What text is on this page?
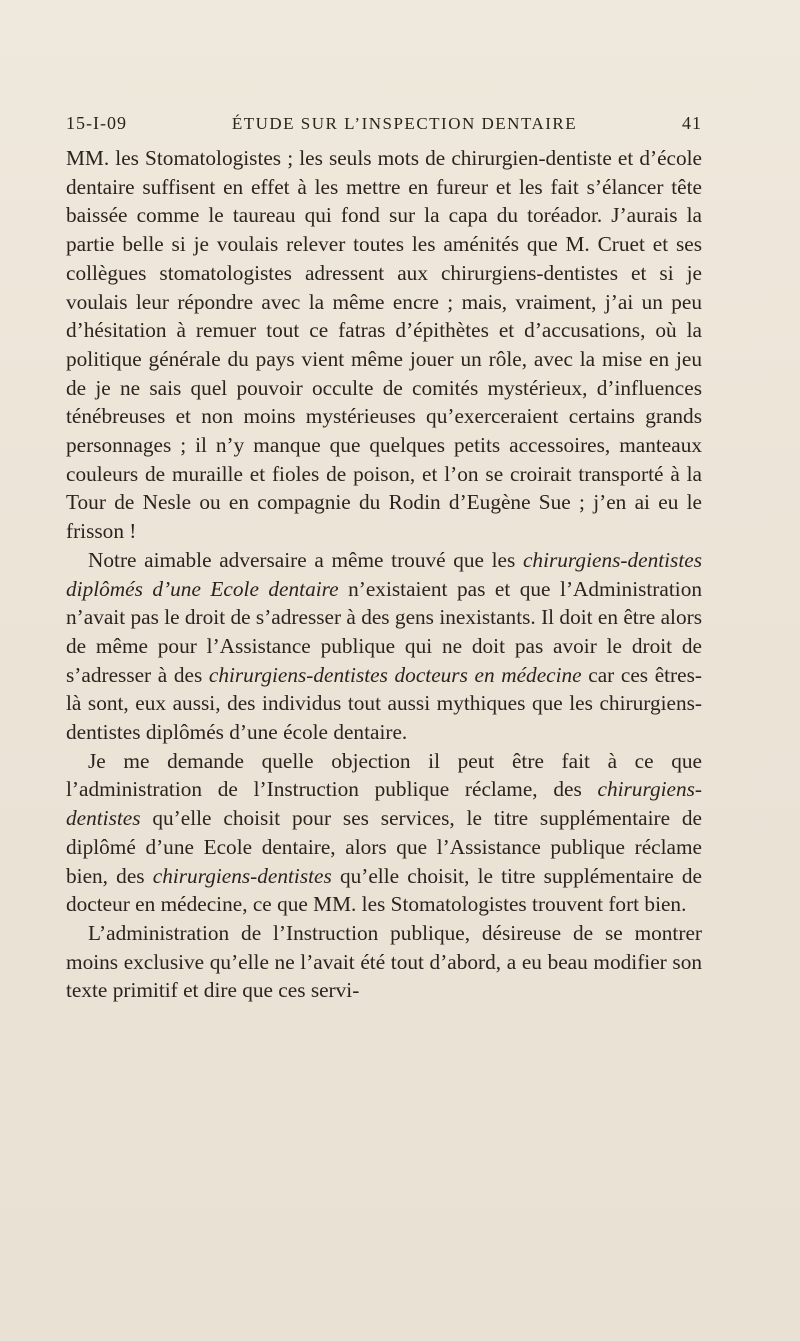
15-I-09	ÉTUDE SUR L’INSPECTION DENTAIRE	41

MM. les Stomatologistes ; les seuls mots de chirurgien-dentiste et d’école dentaire suffisent en effet à les mettre en fureur et les fait s’élancer tête baissée comme le taureau qui fond sur la capa du toréador. J’aurais la partie belle si je voulais relever toutes les aménités que M. Cruet et ses collègues stomatologistes adressent aux chirurgiens-dentistes et si je voulais leur répondre avec la même encre ; mais, vraiment, j’ai un peu d’hésitation à remuer tout ce fatras d’épithètes et d’accusations, où la politique générale du pays vient même jouer un rôle, avec la mise en jeu de je ne sais quel pouvoir occulte de comités mystérieux, d’influences ténébreuses et non moins mystérieuses qu’exerceraient certains grands personnages ; il n’y manque que quelques petits accessoires, manteaux couleurs de muraille et fioles de poison, et l’on se croirait transporté à la Tour de Nesle ou en compagnie du Rodin d’Eugène Sue ; j’en ai eu le frisson !

Notre aimable adversaire a même trouvé que les chirurgiens-dentistes diplômés d’une Ecole dentaire n’existaient pas et que l’Administration n’avait pas le droit de s’adresser à des gens inexistants. Il doit en être alors de même pour l’Assistance publique qui ne doit pas avoir le droit de s’adresser à des chirurgiens-dentistes docteurs en médecine car ces êtres-là sont, eux aussi, des individus tout aussi mythiques que les chirurgiens-dentistes diplômés d’une école dentaire.

Je me demande quelle objection il peut être fait à ce que l’administration de l’Instruction publique réclame, des chirurgiens-dentistes qu’elle choisit pour ses services, le titre supplémentaire de diplômé d’une Ecole dentaire, alors que l’Assistance publique réclame bien, des chirurgiens-dentistes qu’elle choisit, le titre supplémentaire de docteur en médecine, ce que MM. les Stomatologistes trouvent fort bien.

L’administration de l’Instruction publique, désireuse de se montrer moins exclusive qu’elle ne l’avait été tout d’abord, a eu beau modifier son texte primitif et dire que ces servi-
